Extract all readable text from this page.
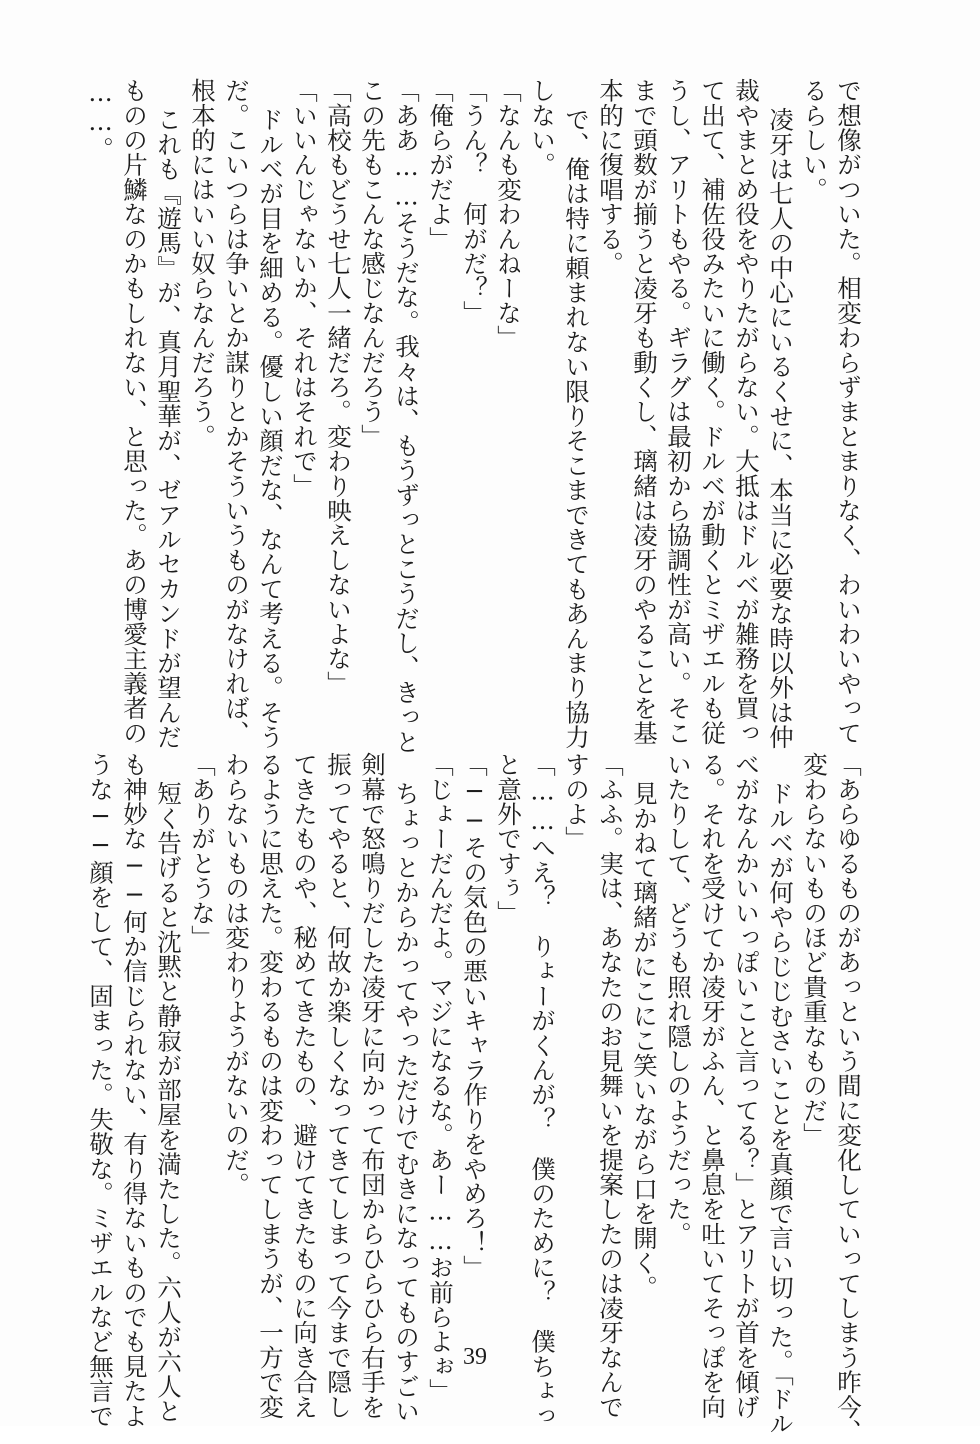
で想像がついた。相変わらずまとまりなく、わいわいやって
るらしい。
凌牙は七人の中心にいるくせに、本当に必要な時以外は仲
裁やまとめ役をやりたがらない。大抵はドルベが雑務を買っ
て出て、補佐役みたいに働く。ドルベが動くとミザエルも従
うし、アリトもやる。ギラグは最初から協調性が高い。そこ
まで頭数が揃うと凌牙も動くし、璃緒は凌牙のやることを基
本的に復唱する。
で、俺は特に頼まれない限りそこまできてもあんまり協力
しない。
「なんも変わんねーな」
「うん？　何がだ？」
「俺らがだよ」
「ああ……そうだな。我々は、もうずっとこうだし、きっと
この先もこんな感じなんだろう」
「高校もどうせ七人一緒だろ。変わり映えしないよな」
「いいんじゃないか、それはそれで」
ドルベが目を細める。優しい顔だな、なんて考える。そう
だ。こいつらは争いとか謀りとかそういうものがなければ、
根本的にはいい奴らなんだろう。
これも『遊馬』が、真月聖華が、ゼアルセカンドが望んだ
ものの片鱗なのかもしれない、と思った。あの博愛主義者の
……。
「あらゆるものがあっという間に変化していってしまう昨今、
変わらないものほど貴重なものだ」
ドルベが何やらじじむさいことを真顔で言い切った。「ドル
べがなんかいいっぽいこと言ってる？」とアリトが首を傾げ
る。それを受けてか凌牙がふん、と鼻息を吐いてそっぽを向
いたりして、どうも照れ隠しのようだった。
見かねて璃緒がにこにこ笑いながら口を開く。
「ふふ。実は、あなたのお見舞いを提案したのは凌牙なんで
すのよ」
「……へえ？　りょーがくんが？　僕のために？　僕ちょっ
と意外ですぅ」
「──その気色の悪いキャラ作りをやめろ！」
「じょーだんだよ。マジになるな。あー……お前らよぉ」
ちょっとからかってやっただけでむきになってものすごい
剣幕で怒鳴りだした凌牙に向かって布団からひらひら右手を
振ってやると、何故か楽しくなってきてしまって今まで隠し
てきたものや、秘めてきたもの、避けてきたものに向き合え
るように思えた。変わるものは変わってしまうが、一方で変
わらないものは変わりようがないのだ。
「ありがとうな」
短く告げると沈黙と静寂が部屋を満たした。六人が六人と
も神妙な──何か信じられない、有り得ないものでも見たよ
うな──顔をして、固まった。失敬な。ミザエルなど無言で	39
